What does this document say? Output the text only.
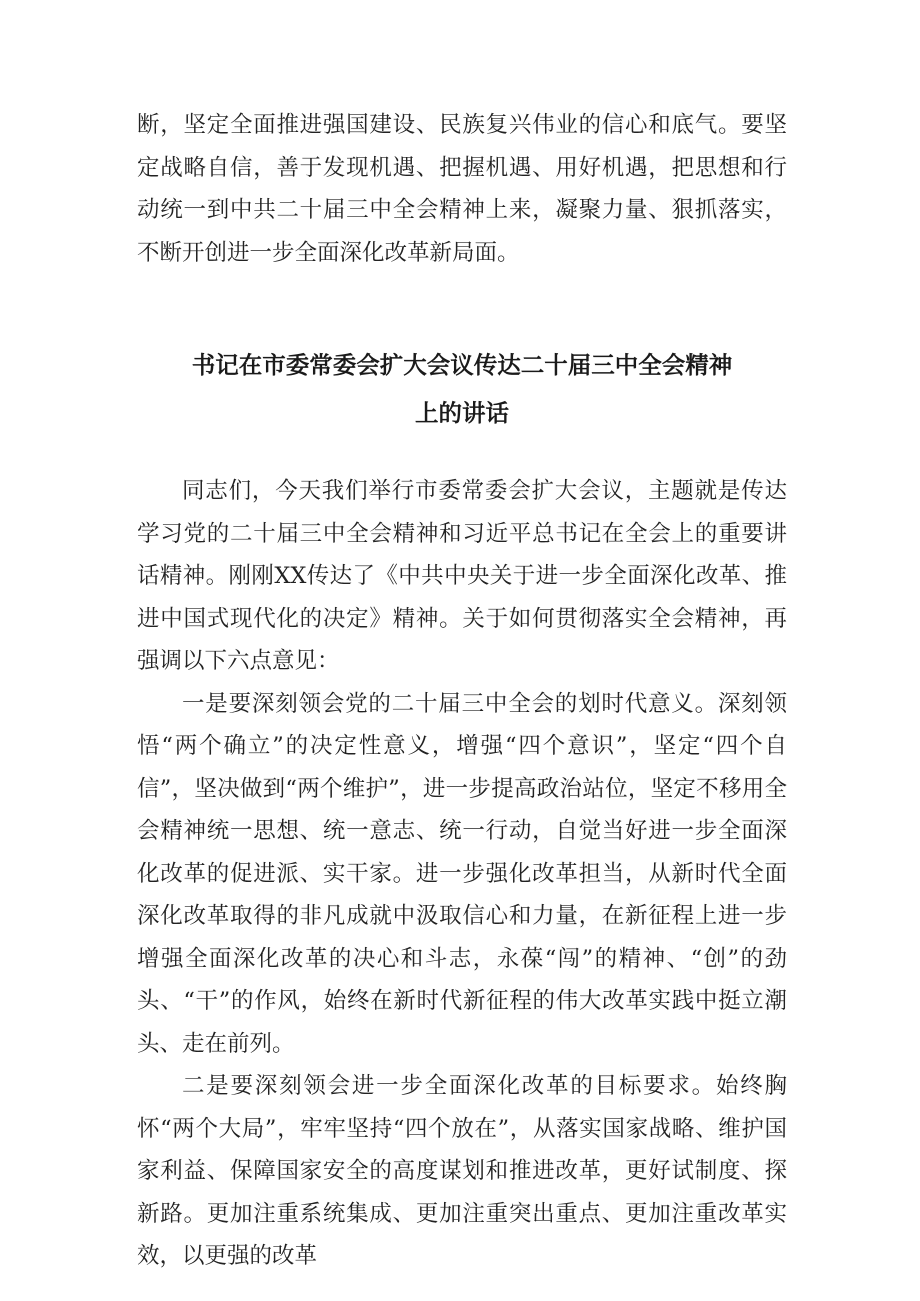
断，坚定全面推进强国建设、民族复兴伟业的信心和底气。要坚定战略自信，善于发现机遇、把握机遇、用好机遇，把思想和行动统一到中共二十届三中全会精神上来，凝聚力量、狠抓落实，不断开创进一步全面深化改革新局面。

书记在市委常委会扩大会议传达二十届三中全会精神
上的讲话

同志们，今天我们举行市委常委会扩大会议，主题就是传达学习党的二十届三中全会精神和习近平总书记在全会上的重要讲话精神。刚刚XX传达了《中共中央关于进一步全面深化改革、推进中国式现代化的决定》精神。关于如何贯彻落实全会精神，再强调以下六点意见：

一是要深刻领会党的二十届三中全会的划时代意义。深刻领悟“两个确立”的决定性意义，增强“四个意识”，坚定“四个自信”，坚决做到“两个维护”，进一步提高政治站位，坚定不移用全会精神统一思想、统一意志、统一行动，自觉当好进一步全面深化改革的促进派、实干家。进一步强化改革担当，从新时代全面深化改革取得的非凡成就中汲取信心和力量，在新征程上进一步增强全面深化改革的决心和斗志，永葆“闯”的精神、“创”的劲头、“干”的作风，始终在新时代新征程的伟大改革实践中挺立潮头、走在前列。

二是要深刻领会进一步全面深化改革的目标要求。始终胸怀“两个大局”，牢牢坚持“四个放在”，从落实国家战略、维护国家利益、保障国家安全的高度谋划和推进改革，更好试制度、探新路。更加注重系统集成、更加注重突出重点、更加注重改革实效，以更强的改革
